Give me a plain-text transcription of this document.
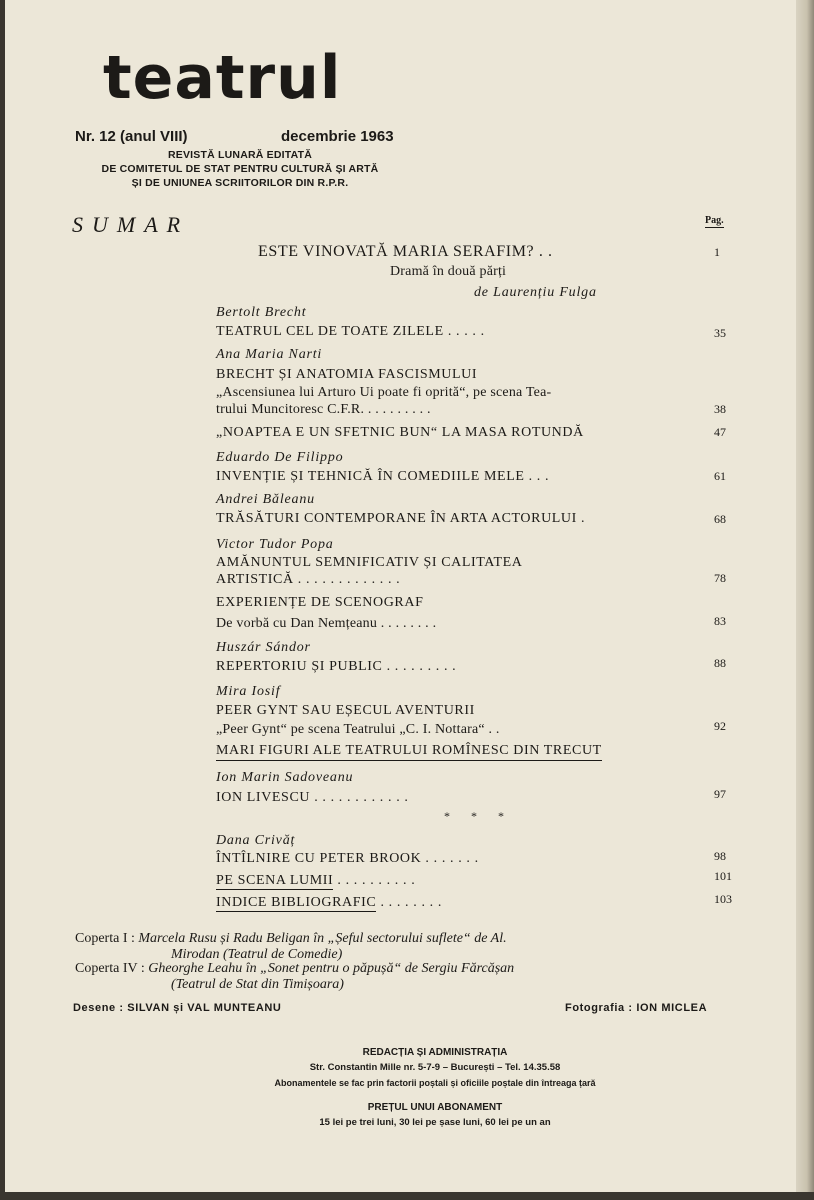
teatrul
Nr. 12 (anul VIII)	decembrie 1963
REVISTĂ LUNARĂ EDITATĂ
DE COMITETUL DE STAT PENTRU CULTURĂ ȘI ARTĂ
ȘI DE UNIUNEA SCRIITORILOR DIN R.P.R.
SUMAR	Pag.
ESTE VINOVATĂ MARIA SERAFIM? . .	1
Dramă în două părți
de Laurențiu Fulga
Bertolt Brecht
TEATRUL CEL DE TOATE ZILELE . . . . .	35
Ana Maria Narti
BRECHT ȘI ANATOMIA FASCISMULUI
„Ascensiunea lui Arturo Ui poate fi oprită“, pe scena Tea-
trului Muncitoresc C.F.R. . . . . . . . . .	38
„NOAPTEA E UN SFETNIC BUN“ LA MASA ROTUNDĂ	47
Eduardo De Filippo
INVENȚIE ȘI TEHNICĂ ÎN COMEDIILE MELE . . .	61
Andrei Băleanu
TRĂSĂTURI CONTEMPORANE ÎN ARTA ACTORULUI .	68
Victor Tudor Popa
AMĂNUNTUL SEMNIFICATIV ȘI CALITATEA
ARTISTICĂ . . . . . . . . . . . . .	78
EXPERIENȚE DE SCENOGRAF
De vorbă cu Dan Nemțeanu . . . . . . . .	83
Huszár Sándor
REPERTORIU ȘI PUBLIC . . . . . . . . .	88
Mira Iosif
PEER GYNT SAU EȘECUL AVENTURII
„Peer Gynt“ pe scena Teatrului „C. I. Nottara“ . .	92
MARI FIGURI ALE TEATRULUI ROMÎNESC DIN TRECUT
Ion Marin Sadoveanu
ION LIVESCU . . . . . . . . . . . .	97
* * *
Dana Crivăț
ÎNTÎLNIRE CU PETER BROOK . . . . . . .	98
PE SCENA LUMII . . . . . . . . . .	101
INDICE BIBLIOGRAFIC . . . . . . . .	103
Coperta I : Marcela Rusu și Radu Beligan în „Șeful sectorului suflete“ de Al.
Mirodan (Teatrul de Comedie)
Coperta IV : Gheorghe Leahu în „Sonet pentru o păpușă“ de Sergiu Fărcășan
(Teatrul de Stat din Timișoara)
Desene : SILVAN și VAL MUNTEANU	Fotografia : ION MICLEA
REDACȚIA ȘI ADMINISTRAȚIA
Str. Constantin Mille nr. 5-7-9 – București – Tel. 14.35.58
Abonamentele se fac prin factorii poștali și oficiile poștale din întreaga țară
PREȚUL UNUI ABONAMENT
15 lei pe trei luni, 30 lei pe șase luni, 60 lei pe un an
